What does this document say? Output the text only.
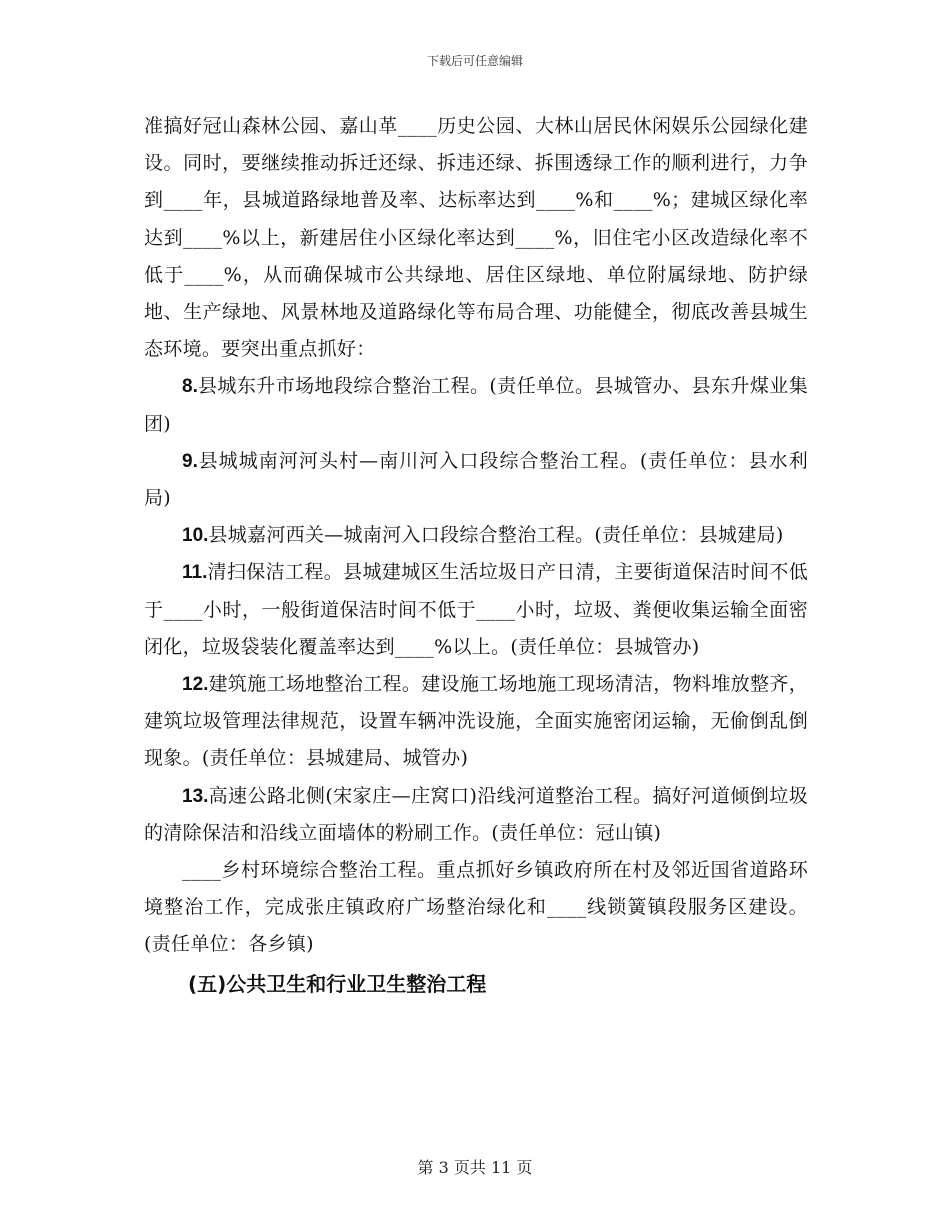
下载后可任意编辑

准搞好冠山森林公园、嘉山革____历史公园、大林山居民休闲娱乐公园绿化建设。同时，要继续推动拆迁还绿、拆违还绿、拆围透绿工作的顺利进行，力争到____年，县城道路绿地普及率、达标率达到____%和____%；建城区绿化率达到____%以上，新建居住小区绿化率达到____%，旧住宅小区改造绿化率不低于____%，从而确保城市公共绿地、居住区绿地、单位附属绿地、防护绿地、生产绿地、风景林地及道路绿化等布局合理、功能健全，彻底改善县城生态环境。要突出重点抓好：

8.县城东升市场地段综合整治工程。(责任单位。县城管办、县东升煤业集团)

9.县城城南河河头村—南川河入口段综合整治工程。(责任单位：县水利局)

10.县城嘉河西关—城南河入口段综合整治工程。(责任单位：县城建局)

11.清扫保洁工程。县城建城区生活垃圾日产日清，主要街道保洁时间不低于____小时，一般街道保洁时间不低于____小时，垃圾、粪便收集运输全面密闭化，垃圾袋装化覆盖率达到____%以上。(责任单位：县城管办)

12.建筑施工场地整治工程。建设施工场地施工现场清洁，物料堆放整齐，建筑垃圾管理法律规范，设置车辆冲洗设施，全面实施密闭运输，无偷倒乱倒现象。(责任单位：县城建局、城管办)

13.高速公路北侧(宋家庄—庄窝口)沿线河道整治工程。搞好河道倾倒垃圾的清除保洁和沿线立面墙体的粉刷工作。(责任单位：冠山镇)

____乡村环境综合整治工程。重点抓好乡镇政府所在村及邻近国省道路环境整治工作，完成张庄镇政府广场整治绿化和____线锁簧镇段服务区建设。(责任单位：各乡镇)

(五)公共卫生和行业卫生整治工程

第 3 页共 11 页
